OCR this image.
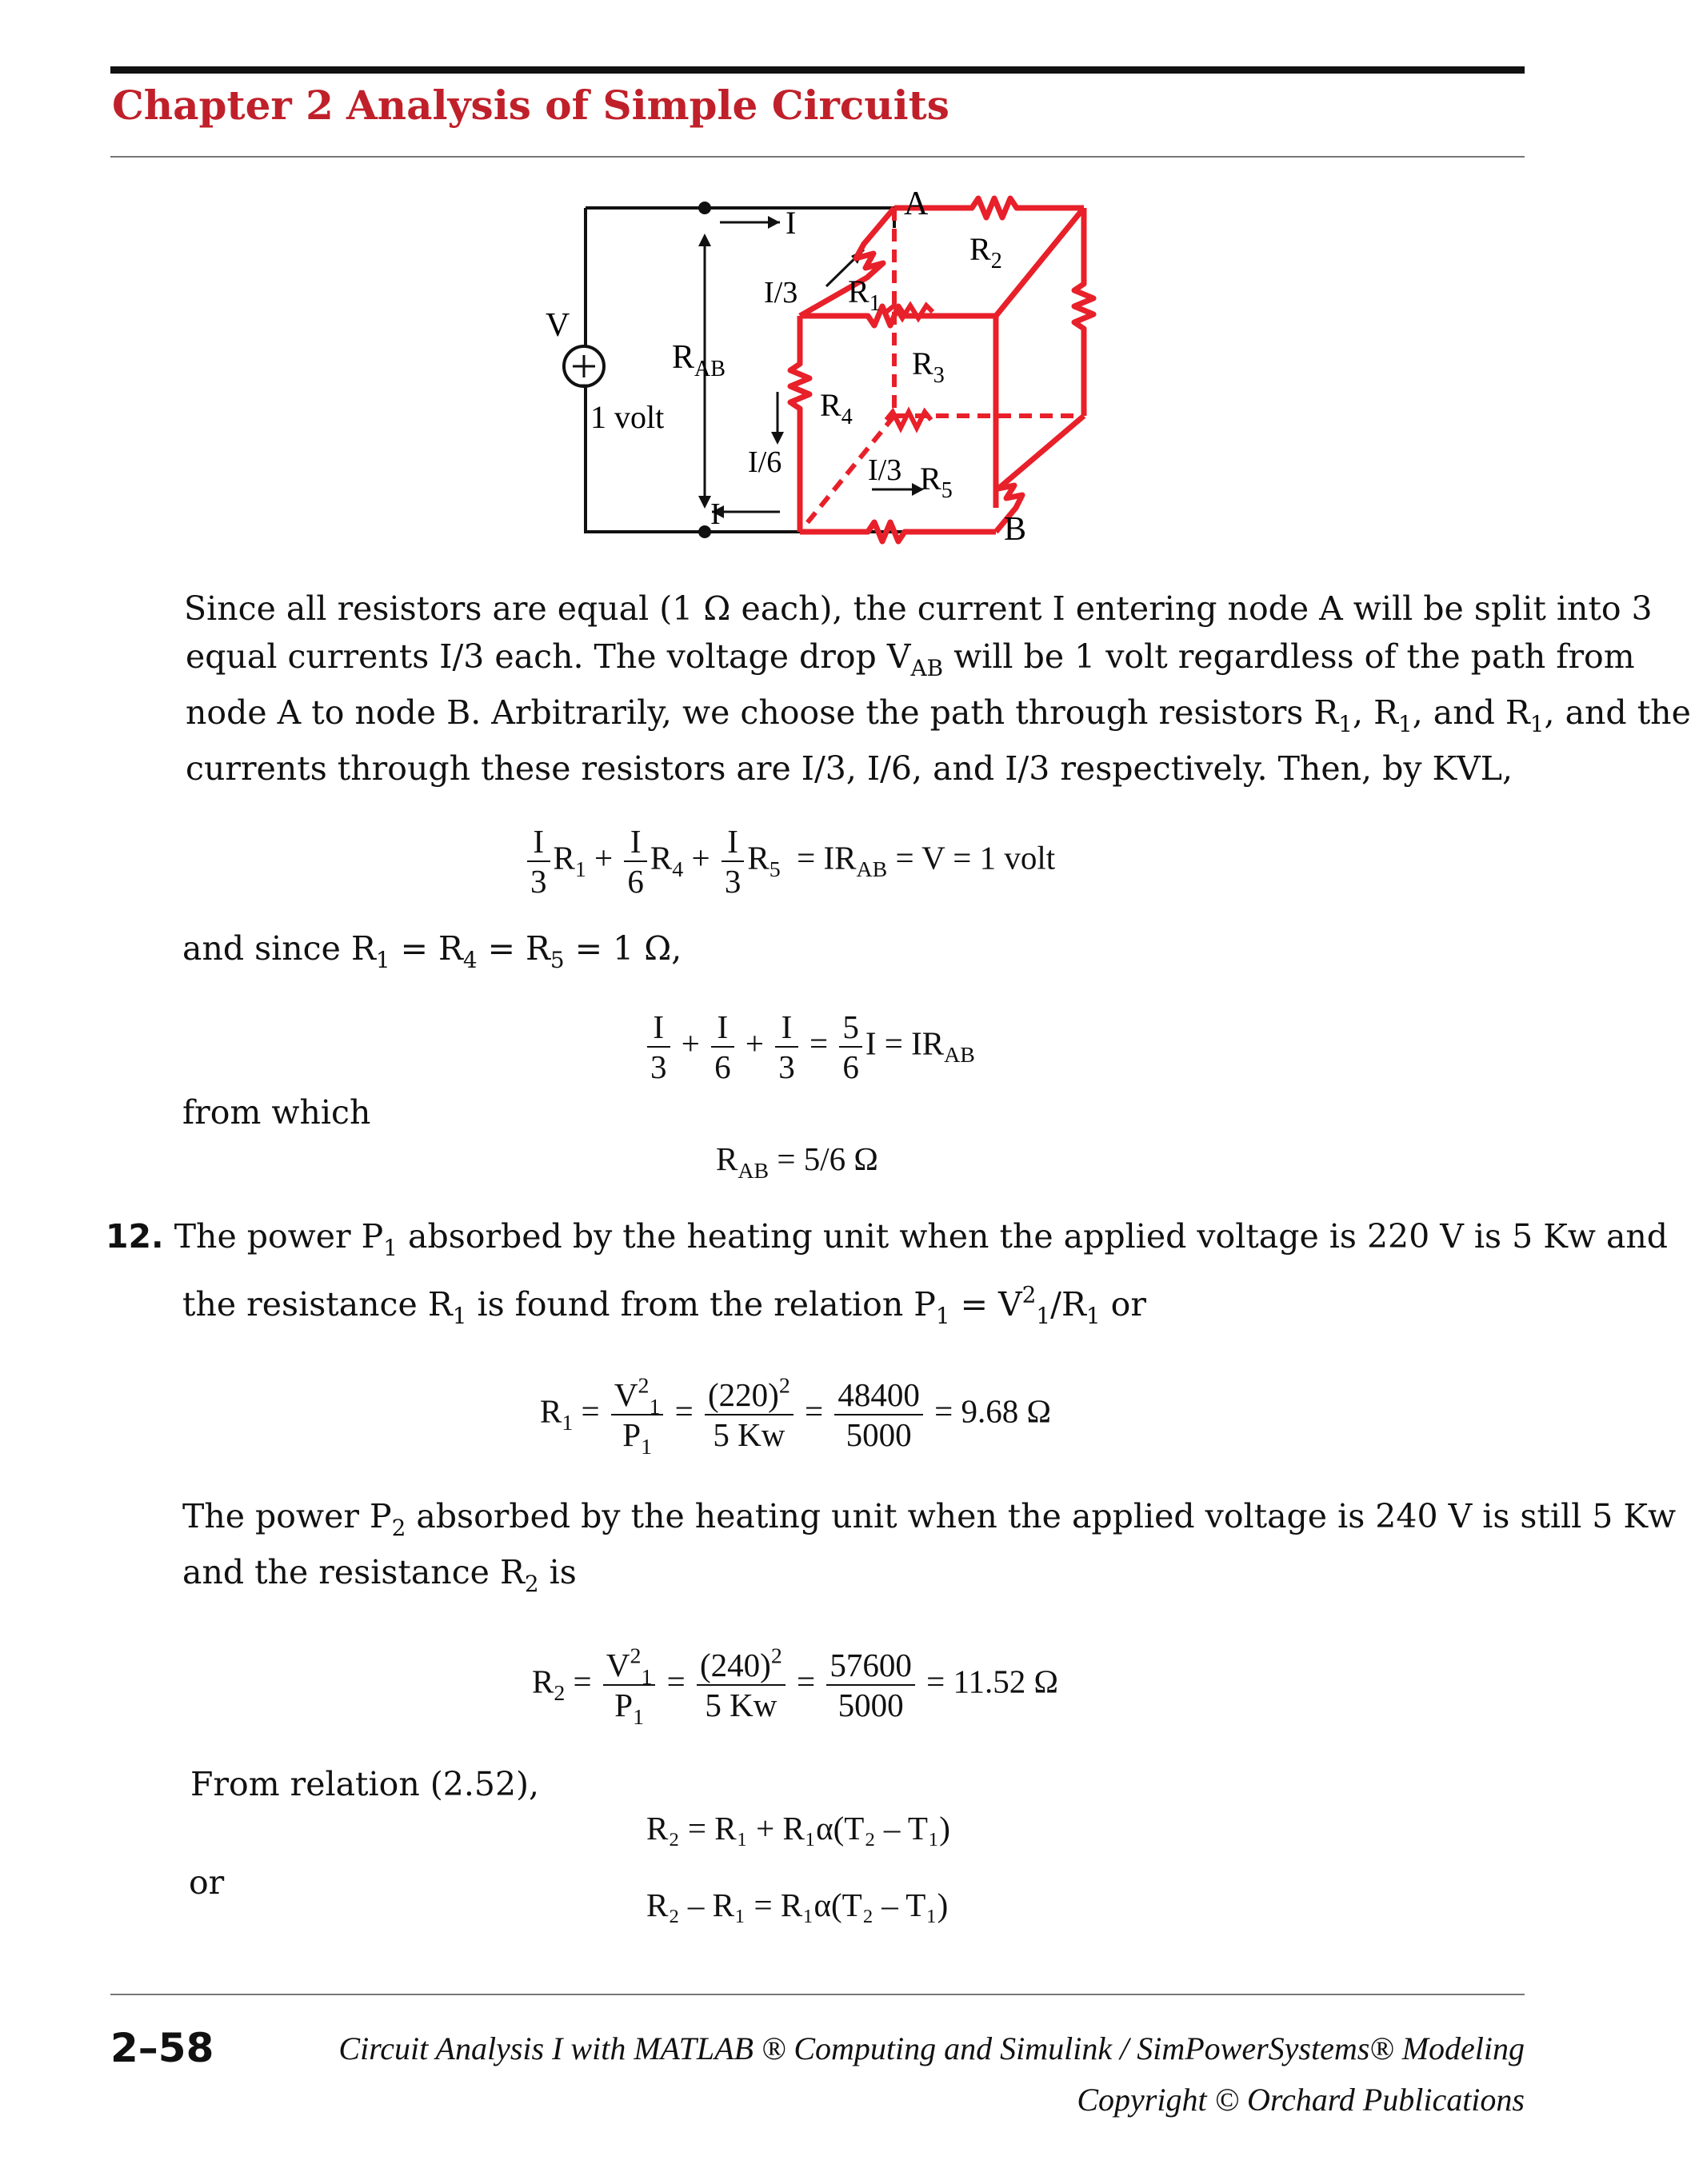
Chapter 2 Analysis of Simple Circuits
V
1 volt
$R_{AB}$
I
I
I/3
I/6	I/3
A
B
$R_1$
$R_2$
$R_3$
$R_4$
$R_5$
Since all resistors are equal (1 Ω each), the current I entering node A will be split into 3
equal currents I/3 each. The voltage drop $V_{AB}$ will be 1 volt regardless of the path from
node A to node B. Arbitrarily, we choose the path through resistors $R_1$, $R_1$, and $R_1$, and the
currents through these resistors are I/3, I/6, and I/3 respectively. Then, by KVL,
$\frac{I}{3} R_1 + \frac{I}{6} R_4 + \frac{I}{3} R_5 = IR_{AB} = V = 1$ volt
and since $R_1 = R_4 = R_5 = 1$ Ω,
$\frac{I}{3} + \frac{I}{6} + \frac{I}{3} = \frac{5}{6}$ $I = IR_{AB}$
from which
$R_{AB} = 5/6$ Ω
12. The power $P_1$ absorbed by the heating unit when the applied voltage is 220 V is 5 Kw and
the resistance $R_1$ is found from the relation $P_1 = V^2_1/R_1$ or
$R_1 = \frac{V^2_1}{P_1} = \frac{(220)^2}{5 Kw} = \frac{48400}{5000} = 9.68$ Ω
The power $P_2$ absorbed by the heating unit when the applied voltage is 240 V is still 5 Kw
and the resistance $R_2$ is
$R_2 = \frac{V^2_1}{P_1} = \frac{(240)^2}{5 Kw} = \frac{57600}{5000} = 11.52$ Ω
From relation (2.52),
R₂ = R₁ + R₁α(T₂ – T₁)
or
R₂ – R₁ = R₁α(T₂ – T₁)
2–58	Circuit Analysis I with MATLAB ® Computing and Simulink / SimPowerSystems® Modeling
Copyright © Orchard Publications
